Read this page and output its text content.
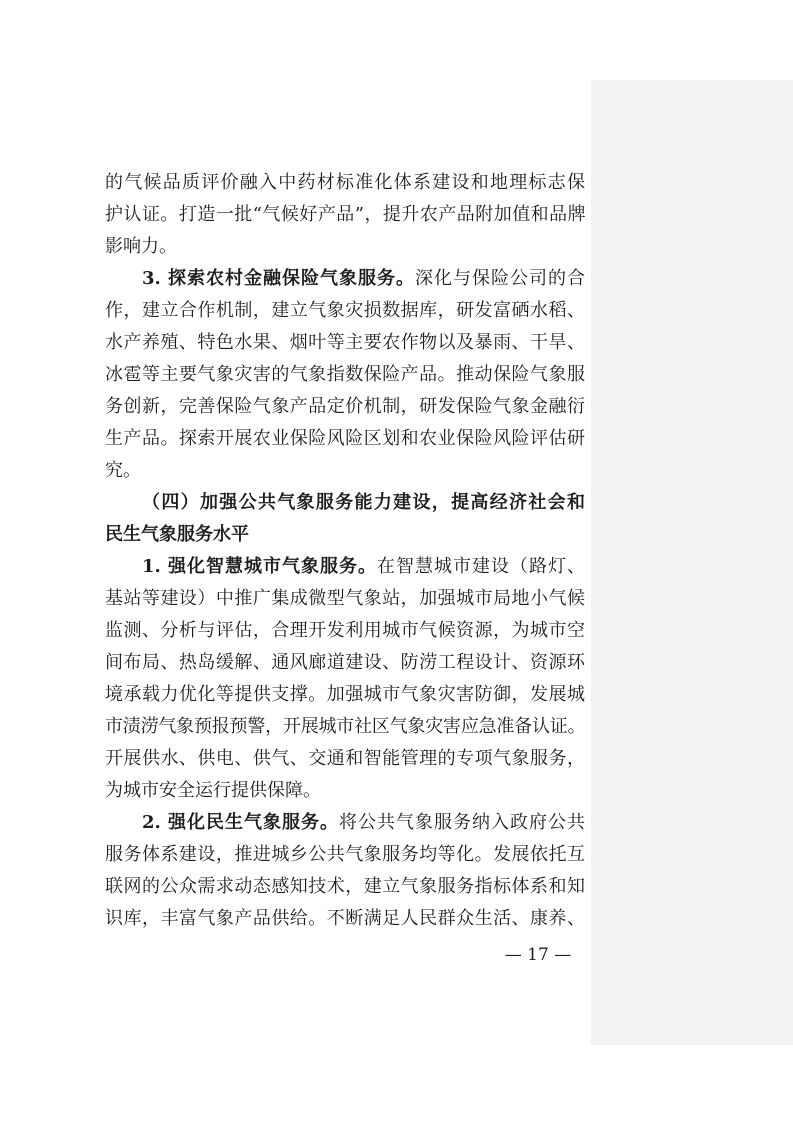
的气候品质评价融入中药材标准化体系建设和地理标志保
护认证。打造一批“气候好产品”，提升农产品附加值和品牌
影响力。
3. 探索农村金融保险气象服务。深化与保险公司的合
作，建立合作机制，建立气象灾损数据库，研发富硒水稻、
水产养殖、特色水果、烟叶等主要农作物以及暴雨、干旱、
冰雹等主要气象灾害的气象指数保险产品。推动保险气象服
务创新，完善保险气象产品定价机制，研发保险气象金融衍
生产品。探索开展农业保险风险区划和农业保险风险评估研
究。
（四）加强公共气象服务能力建设，提高经济社会和
民生气象服务水平
1. 强化智慧城市气象服务。在智慧城市建设（路灯、
基站等建设）中推广集成微型气象站，加强城市局地小气候
监测、分析与评估，合理开发利用城市气候资源，为城市空
间布局、热岛缓解、通风廊道建设、防涝工程设计、资源环
境承载力优化等提供支撑。加强城市气象灾害防御，发展城
市渍涝气象预报预警，开展城市社区气象灾害应急准备认证。
开展供水、供电、供气、交通和智能管理的专项气象服务，
为城市安全运行提供保障。
2. 强化民生气象服务。将公共气象服务纳入政府公共
服务体系建设，推进城乡公共气象服务均等化。发展依托互
联网的公众需求动态感知技术，建立气象服务指标体系和知
识库，丰富气象产品供给。不断满足人民群众生活、康养、
— 17 —
